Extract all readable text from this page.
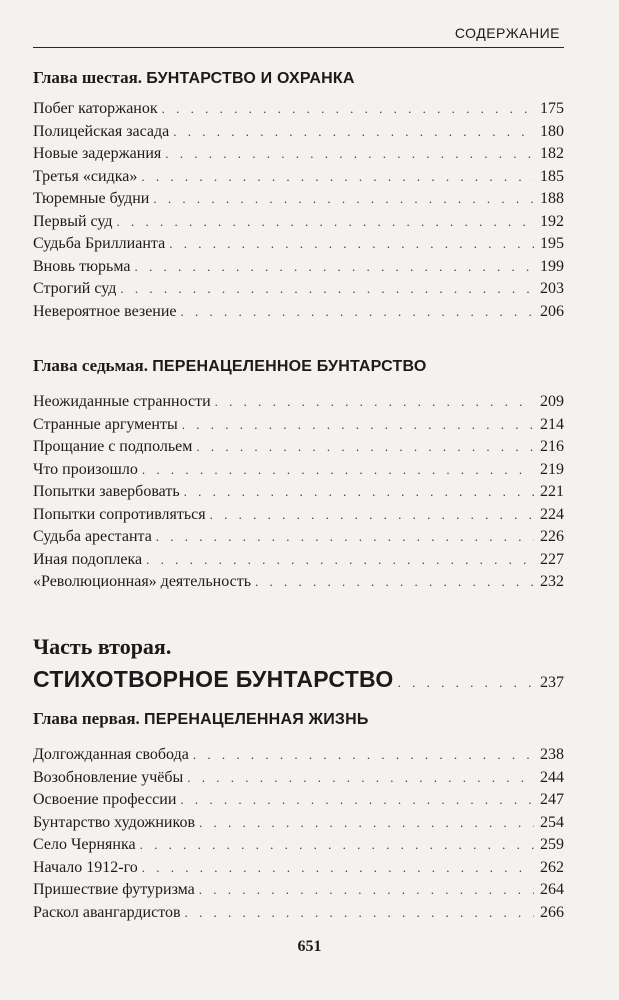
СОДЕРЖАНИЕ
Глава шестая. БУНТАРСТВО И ОХРАНКА
Побег каторжанок . . .	175
Полицейская засада . . .	180
Новые задержания . . .	182
Третья «сидка» . . .	185
Тюремные будни . . .	188
Первый суд . . .	192
Судьба Бриллианта . . .	195
Вновь тюрьма . . .	199
Строгий суд . . .	203
Невероятное везение . . .	206
Глава седьмая. ПЕРЕНАЦЕЛЕННОЕ БУНТАРСТВО
Неожиданные странности . . .	209
Странные аргументы . . .	214
Прощание с подпольем . . .	216
Что произошло . . .	219
Попытки завербовать . . .	221
Попытки сопротивляться . . .	224
Судьба арестанта . . .	226
Иная подоплека . . .	227
«Революционная» деятельность . . .	232
Часть вторая.
СТИХОТВОРНОЕ БУНТАРСТВО . . .	237
Глава первая. ПЕРЕНАЦЕЛЕННАЯ ЖИЗНЬ
Долгожданная свобода . . .	238
Возобновление учёбы . . .	244
Освоение профессии . . .	247
Бунтарство художников . . .	254
Село Чернянка . . .	259
Начало 1912-го . . .	262
Пришествие футуризма . . .	264
Раскол авангардистов . . .	266
651
